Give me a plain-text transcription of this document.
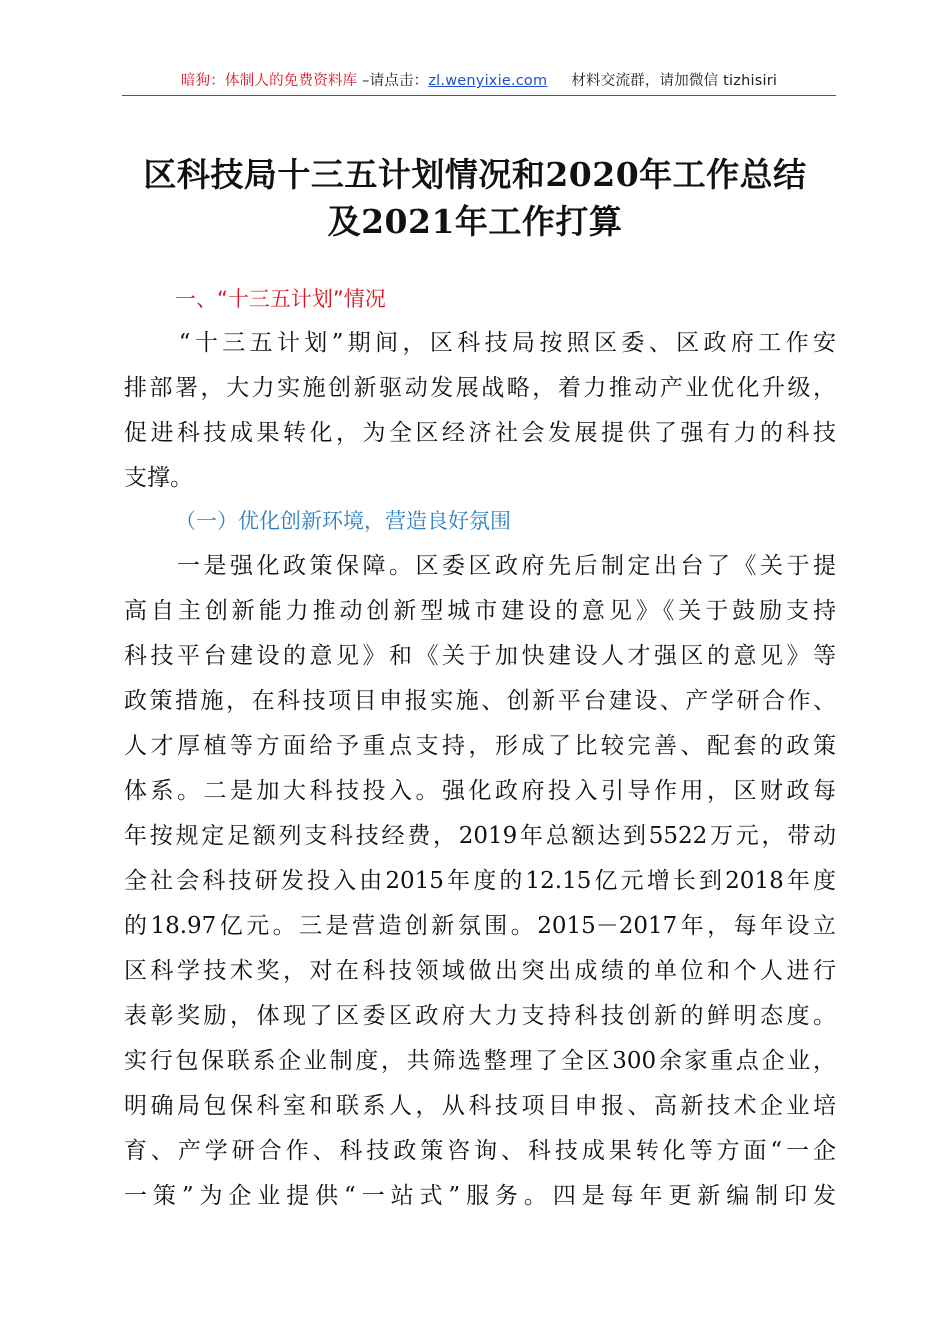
暗狗：体制人的免费资料库 –请点击：zl.wenyixie.com     材料交流群，请加微信 tizhisiri
区科技局十三五计划情况和2020年工作总结
及2021年工作打算
一、“十三五计划”情况
　　“十三五计划”期间，区科技局按照区委、区政府工作安
排部署，大力实施创新驱动发展战略，着力推动产业优化升级，
促进科技成果转化，为全区经济社会发展提供了强有力的科技
支撑。
（一）优化创新环境，营造良好氛围
　　一是强化政策保障。区委区政府先后制定出台了《关于提
高自主创新能力推动创新型城市建设的意见》《关于鼓励支持
科技平台建设的意见》和《关于加快建设人才强区的意见》等
政策措施，在科技项目申报实施、创新平台建设、产学研合作、
人才厚植等方面给予重点支持，形成了比较完善、配套的政策
体系。二是加大科技投入。强化政府投入引导作用，区财政每
年按规定足额列支科技经费，2019年总额达到5522万元，带动
全社会科技研发投入由2015年度的12.15亿元增长到2018年度
的18.97亿元。三是营造创新氛围。2015－2017年，每年设立
区科学技术奖，对在科技领域做出突出成绩的单位和个人进行
表彰奖励，体现了区委区政府大力支持科技创新的鲜明态度。
实行包保联系企业制度，共筛选整理了全区300余家重点企业，
明确局包保科室和联系人，从科技项目申报、高新技术企业培
育、产学研合作、科技政策咨询、科技成果转化等方面“一企
一策”为企业提供“一站式”服务。四是每年更新编制印发
